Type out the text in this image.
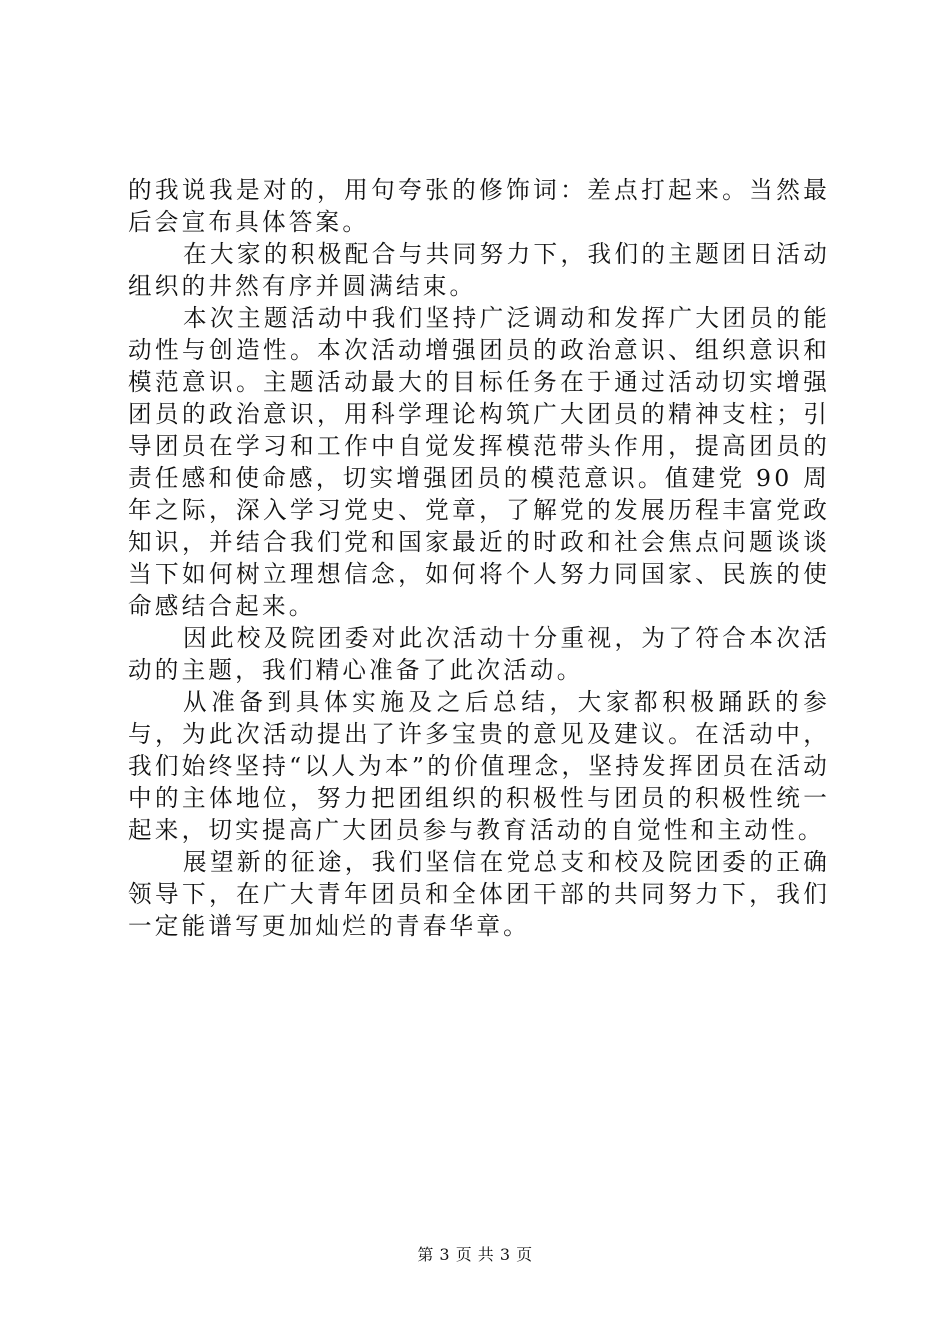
的我说我是对的，用句夸张的修饰词：差点打起来。当然最后会宣布具体答案。

在大家的积极配合与共同努力下，我们的主题团日活动组织的井然有序并圆满结束。

本次主题活动中我们坚持广泛调动和发挥广大团员的能动性与创造性。本次活动增强团员的政治意识、组织意识和模范意识。主题活动最大的目标任务在于通过活动切实增强团员的政治意识，用科学理论构筑广大团员的精神支柱；引导团员在学习和工作中自觉发挥模范带头作用，提高团员的责任感和使命感，切实增强团员的模范意识。值建党 90 周年之际，深入学习党史、党章，了解党的发展历程丰富党政知识，并结合我们党和国家最近的时政和社会焦点问题谈谈当下如何树立理想信念，如何将个人努力同国家、民族的使命感结合起来。

因此校及院团委对此次活动十分重视，为了符合本次活动的主题，我们精心准备了此次活动。

从准备到具体实施及之后总结，大家都积极踊跃的参与，为此次活动提出了许多宝贵的意见及建议。在活动中，我们始终坚持“以人为本”的价值理念，坚持发挥团员在活动中的主体地位，努力把团组织的积极性与团员的积极性统一起来，切实提高广大团员参与教育活动的自觉性和主动性。

展望新的征途，我们坚信在党总支和校及院团委的正确领导下，在广大青年团员和全体团干部的共同努力下，我们一定能谱写更加灿烂的青春华章。

第 3 页 共 3 页
